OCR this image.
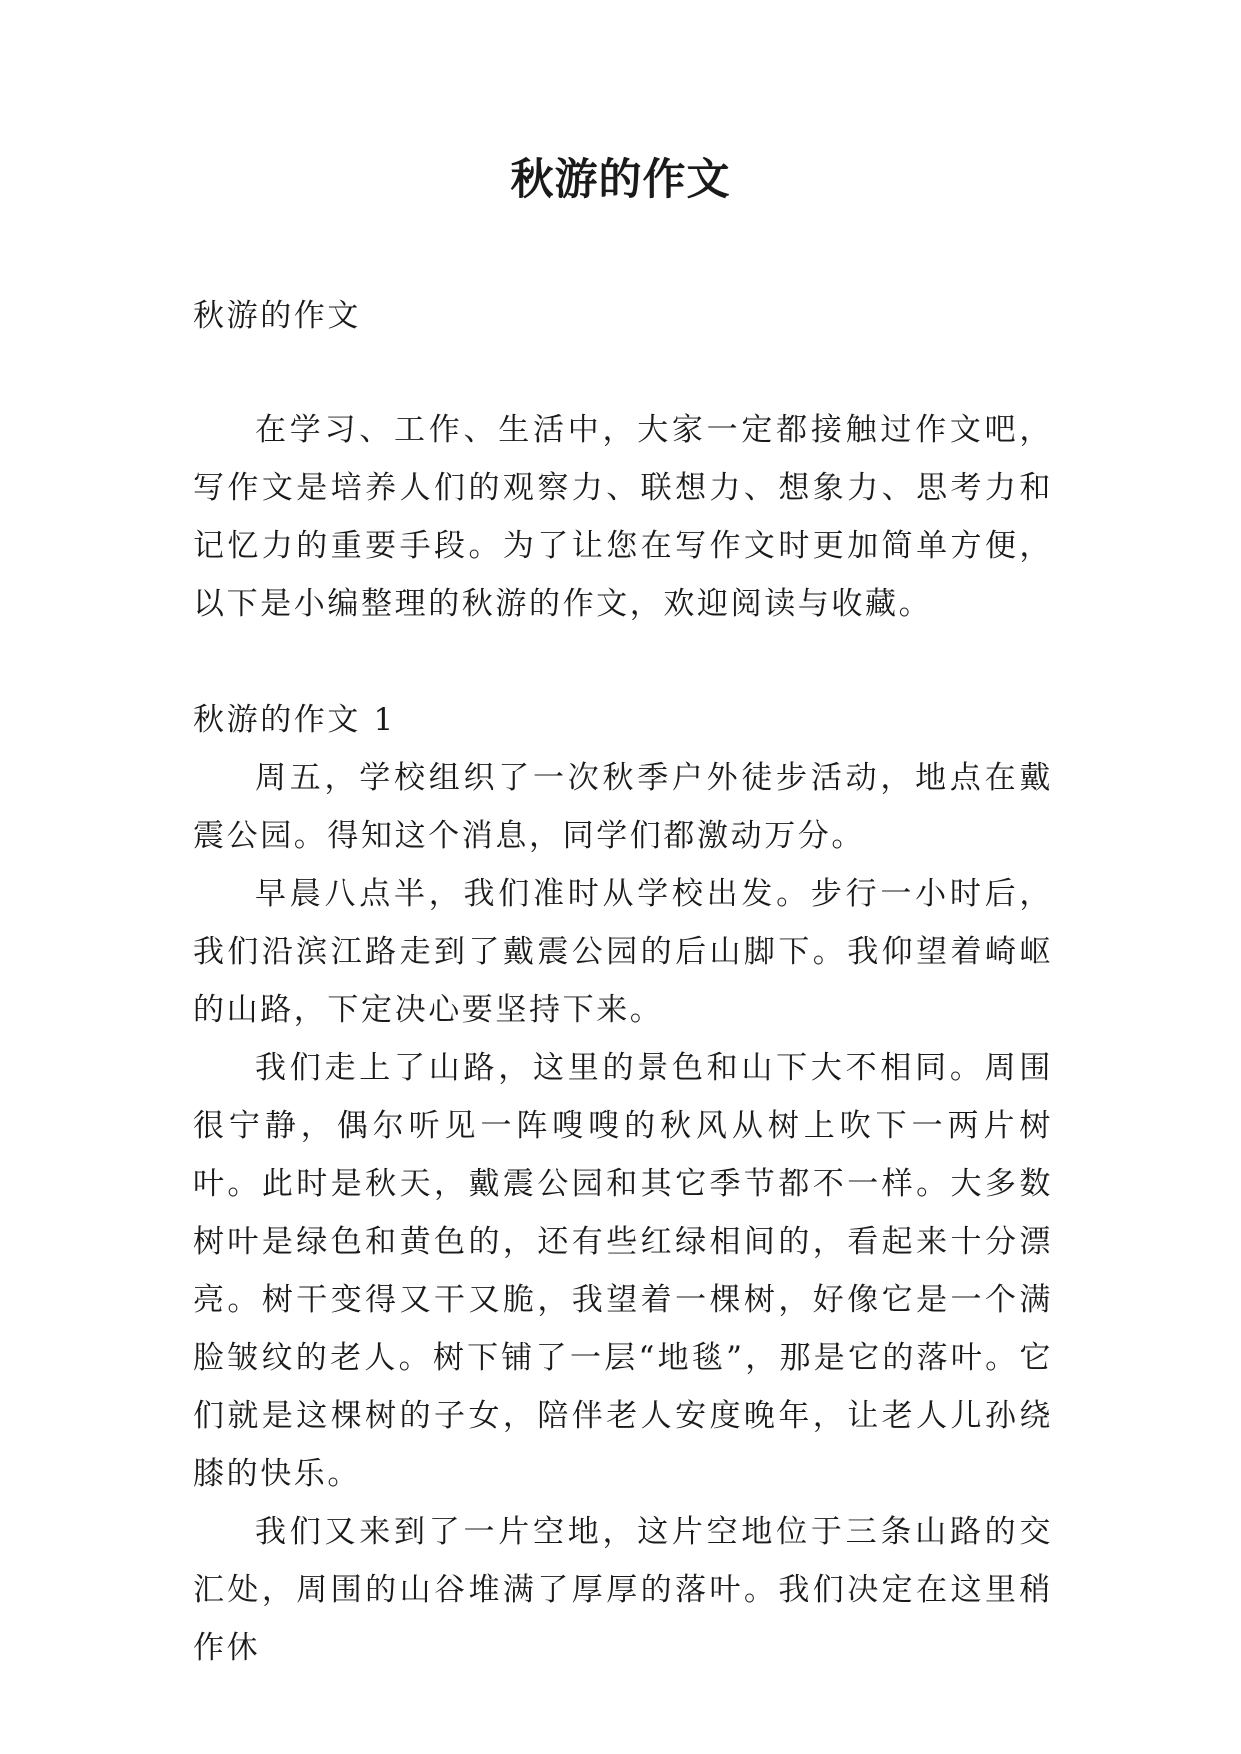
秋游的作文

秋游的作文

在学习、工作、生活中，大家一定都接触过作文吧，写作文是培养人们的观察力、联想力、想象力、思考力和记忆力的重要手段。为了让您在写作文时更加简单方便，以下是小编整理的秋游的作文，欢迎阅读与收藏。

秋游的作文 1

周五，学校组织了一次秋季户外徒步活动，地点在戴震公园。得知这个消息，同学们都激动万分。

早晨八点半，我们准时从学校出发。步行一小时后，我们沿滨江路走到了戴震公园的后山脚下。我仰望着崎岖的山路，下定决心要坚持下来。

我们走上了山路，这里的景色和山下大不相同。周围很宁静，偶尔听见一阵嗖嗖的秋风从树上吹下一两片树叶。此时是秋天，戴震公园和其它季节都不一样。大多数树叶是绿色和黄色的，还有些红绿相间的，看起来十分漂亮。树干变得又干又脆，我望着一棵树，好像它是一个满脸皱纹的老人。树下铺了一层“地毯”，那是它的落叶。它们就是这棵树的子女，陪伴老人安度晚年，让老人儿孙绕膝的快乐。

我们又来到了一片空地，这片空地位于三条山路的交汇处，周围的山谷堆满了厚厚的落叶。我们决定在这里稍作休
